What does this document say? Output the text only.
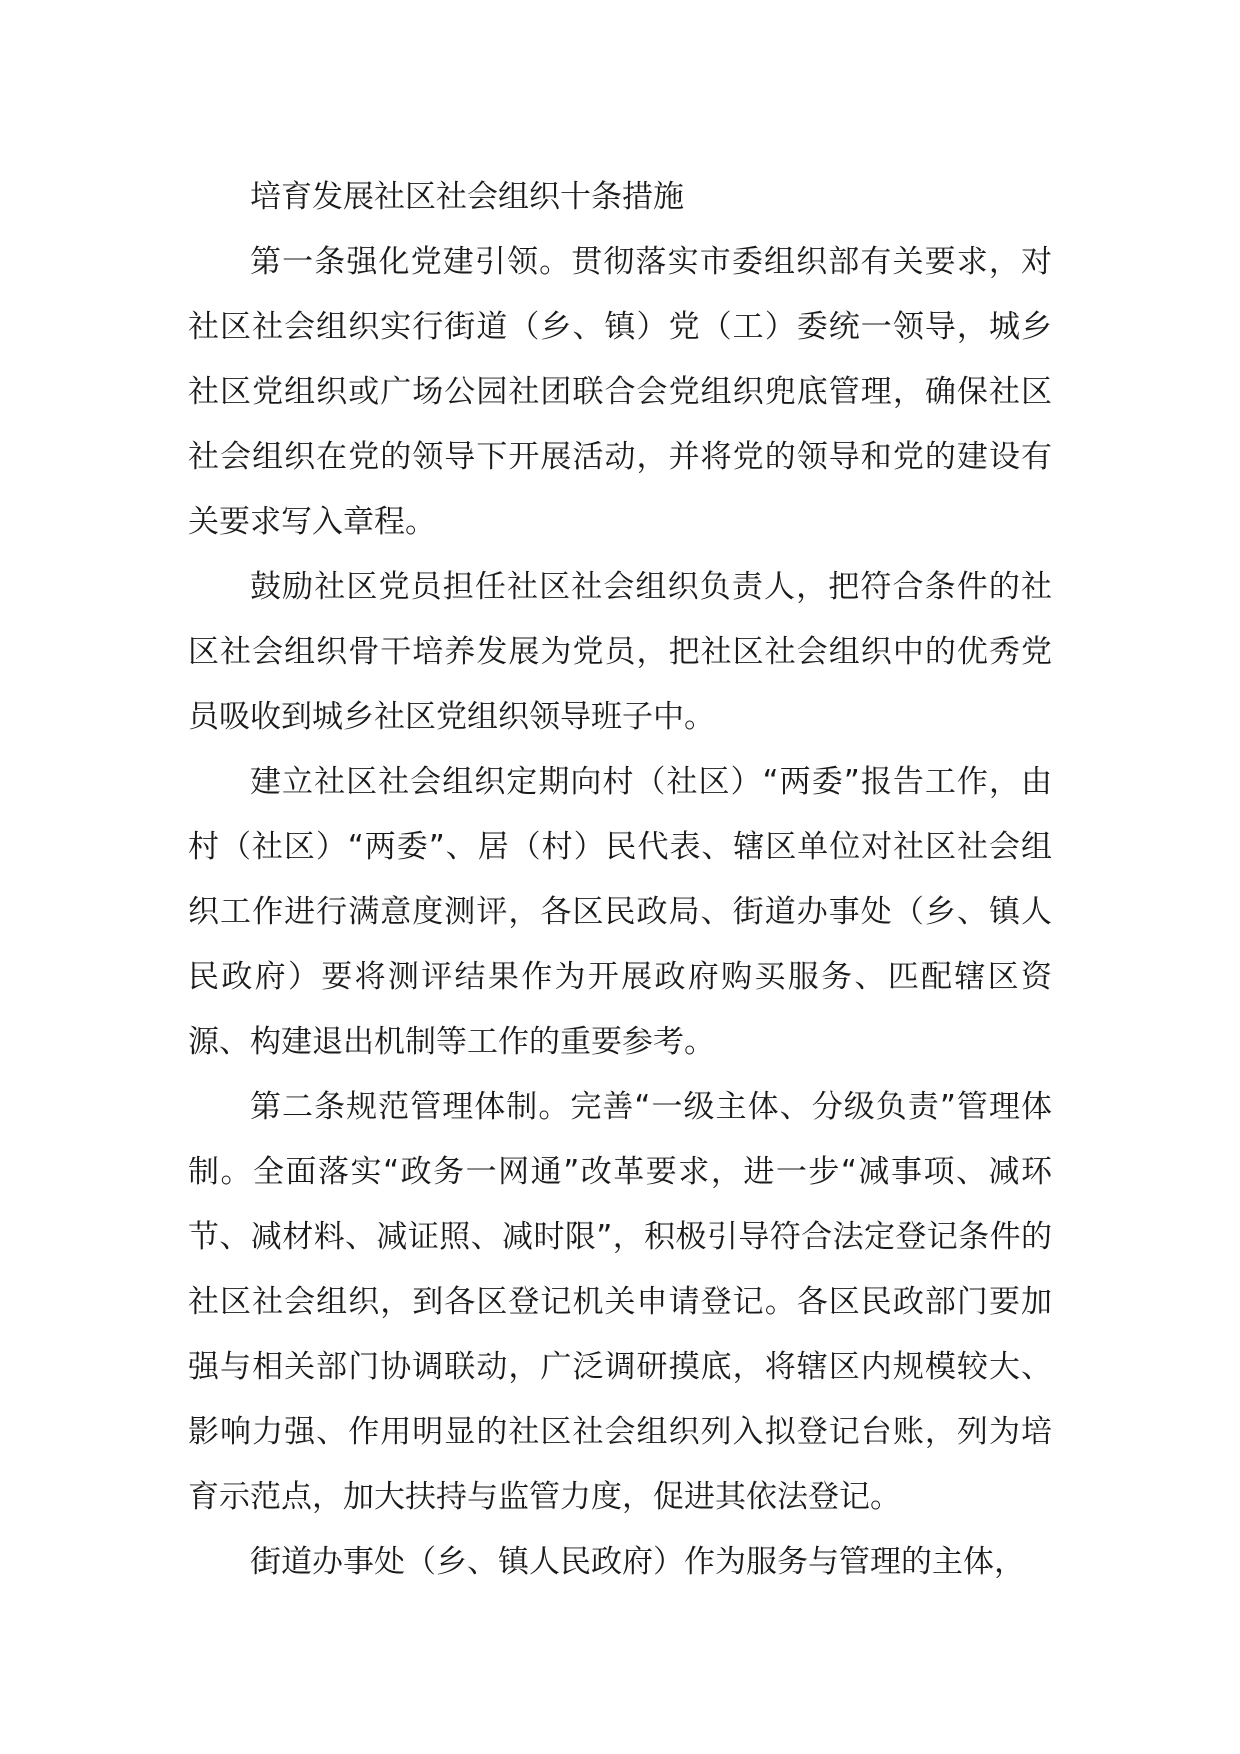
培育发展社区社会组织十条措施

第一条强化党建引领。贯彻落实市委组织部有关要求，对社区社会组织实行街道（乡、镇）党（工）委统一领导，城乡社区党组织或广场公园社团联合会党组织兜底管理，确保社区社会组织在党的领导下开展活动，并将党的领导和党的建设有关要求写入章程。

鼓励社区党员担任社区社会组织负责人，把符合条件的社区社会组织骨干培养发展为党员，把社区社会组织中的优秀党员吸收到城乡社区党组织领导班子中。

建立社区社会组织定期向村（社区）“两委”报告工作，由村（社区）“两委”、居（村）民代表、辖区单位对社区社会组织工作进行满意度测评，各区民政局、街道办事处（乡、镇人民政府）要将测评结果作为开展政府购买服务、匹配辖区资源、构建退出机制等工作的重要参考。

第二条规范管理体制。完善“一级主体、分级负责”管理体制。全面落实“政务一网通”改革要求，进一步“减事项、减环节、减材料、减证照、减时限”，积极引导符合法定登记条件的社区社会组织，到各区登记机关申请登记。各区民政部门要加强与相关部门协调联动，广泛调研摸底，将辖区内规模较大、影响力强、作用明显的社区社会组织列入拟登记台账，列为培育示范点，加大扶持与监管力度，促进其依法登记。

街道办事处（乡、镇人民政府）作为服务与管理的主体，
